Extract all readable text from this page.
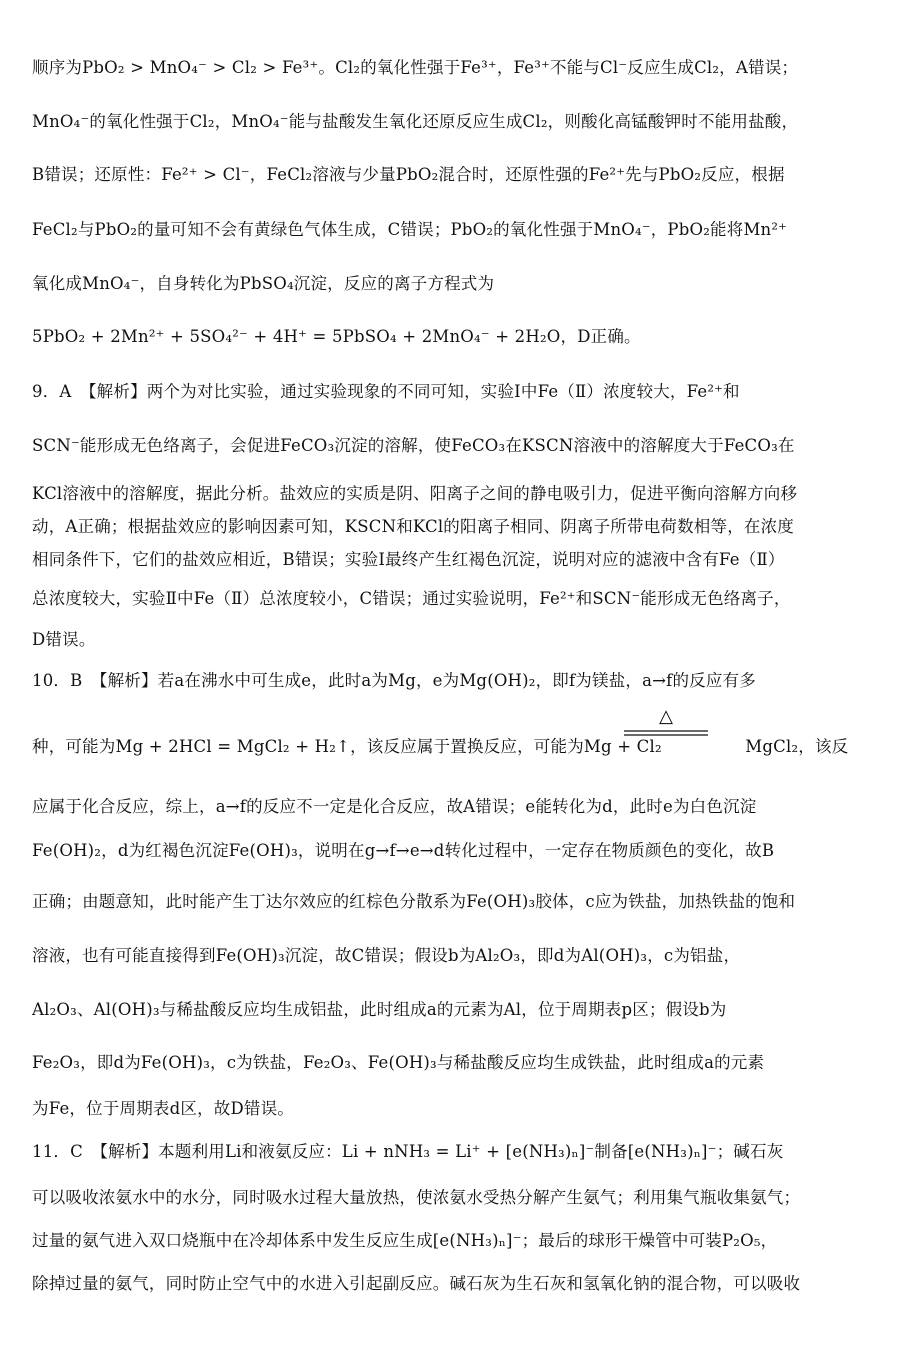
顺序为PbO₂ > MnO₄⁻ > Cl₂ > Fe³⁺。Cl₂的氧化性强于Fe³⁺，Fe³⁺不能与Cl⁻反应生成Cl₂，A错误；
MnO₄⁻的氧化性强于Cl₂，MnO₄⁻能与盐酸发生氧化还原反应生成Cl₂，则酸化高锰酸钾时不能用盐酸，
B错误；还原性：Fe²⁺ > Cl⁻，FeCl₂溶液与少量PbO₂混合时，还原性强的Fe²⁺先与PbO₂反应，根据
FeCl₂与PbO₂的量可知不会有黄绿色气体生成，C错误；PbO₂的氧化性强于MnO₄⁻，PbO₂能将Mn²⁺
氧化成MnO₄⁻，自身转化为PbSO₄沉淀，反应的离子方程式为
5PbO₂ + 2Mn²⁺ + 5SO₄²⁻ + 4H⁺ = 5PbSO₄ + 2MnO₄⁻ + 2H₂O，D正确。
9．A　【解析】两个为对比实验，通过实验现象的不同可知，实验Ⅰ中Fe（Ⅱ）浓度较大，Fe²⁺和
SCN⁻能形成无色络离子，会促进FeCO₃沉淀的溶解，使FeCO₃在KSCN溶液中的溶解度大于FeCO₃在
KCl溶液中的溶解度，据此分析。盐效应的实质是阴、阳离子之间的静电吸引力，促进平衡向溶解方向移
动，A正确；根据盐效应的影响因素可知，KSCN和KCl的阳离子相同、阴离子所带电荷数相等，在浓度
相同条件下，它们的盐效应相近，B错误；实验Ⅰ最终产生红褐色沉淀，说明对应的滤液中含有Fe（Ⅱ）
总浓度较大，实验Ⅱ中Fe（Ⅱ）总浓度较小，C错误；通过实验说明，Fe²⁺和SCN⁻能形成无色络离子，
D错误。
10．B　【解析】若a在沸水中可生成e，此时a为Mg，e为Mg(OH)₂，即f为镁盐，a→f的反应有多
种，可能为Mg + 2HCl = MgCl₂ + H₂↑，该反应属于置换反应，可能为Mg + Cl₂　　　　　MgCl₂，该反
应属于化合反应，综上，a→f的反应不一定是化合反应，故A错误；e能转化为d，此时e为白色沉淀
Fe(OH)₂，d为红褐色沉淀Fe(OH)₃，说明在g→f→e→d转化过程中，一定存在物质颜色的变化，故B
正确；由题意知，此时能产生丁达尔效应的红棕色分散系为Fe(OH)₃胶体，c应为铁盐，加热铁盐的饱和
溶液，也有可能直接得到Fe(OH)₃沉淀，故C错误；假设b为Al₂O₃，即d为Al(OH)₃，c为铝盐，
Al₂O₃、Al(OH)₃与稀盐酸反应均生成铝盐，此时组成a的元素为Al，位于周期表p区；假设b为
Fe₂O₃，即d为Fe(OH)₃，c为铁盐，Fe₂O₃、Fe(OH)₃与稀盐酸反应均生成铁盐，此时组成a的元素
为Fe，位于周期表d区，故D错误。
11．C　【解析】本题利用Li和液氨反应：Li + nNH₃ = Li⁺ + [e(NH₃)ₙ]⁻制备[e(NH₃)ₙ]⁻；碱石灰
可以吸收浓氨水中的水分，同时吸水过程大量放热，使浓氨水受热分解产生氨气；利用集气瓶收集氨气；
过量的氨气进入双口烧瓶中在冷却体系中发生反应生成[e(NH₃)ₙ]⁻；最后的球形干燥管中可装P₂O₅，
除掉过量的氨气，同时防止空气中的水进入引起副反应。碱石灰为生石灰和氢氧化钠的混合物，可以吸收
△
